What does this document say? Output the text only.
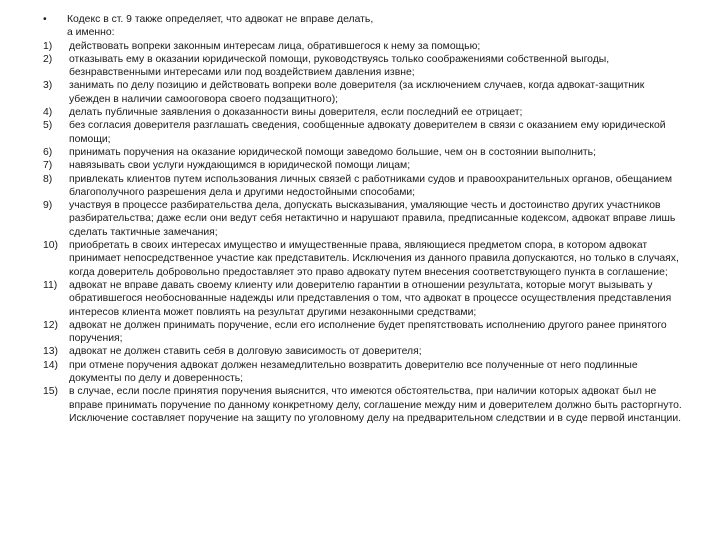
•	Кодекс в ст. 9 также определяет, что адвокат не вправе делать,
а именно:
1) действовать вопреки законным интересам лица, обратившегося к нему за помощью;
2) отказывать ему в оказании юридической помощи, руководствуясь только соображениями собственной выгоды, безнравственными интересами или под воздействием давления извне;
3) занимать по делу позицию и действовать вопреки воле доверителя (за исключением случаев, когда адвокат-защитник убежден в наличии самооговора своего подзащитного);
4) делать публичные заявления о доказанности вины доверителя, если последний ее отрицает;
5) без согласия доверителя разглашать сведения, сообщенные адвокату доверителем в связи с оказанием ему юридической помощи;
6) принимать поручения на оказание юридической помощи заведомо большие, чем он в состоянии выполнить;
7) навязывать свои услуги нуждающимся в юридической помощи лицам;
8) привлекать клиентов путем использования личных связей с работниками судов и правоохранительных органов, обещанием благополучного разрешения дела и другими недостойными способами;
9) участвуя в процессе разбирательства дела, допускать высказывания, умаляющие честь и достоинство других участников разбирательства; даже если они ведут себя нетактично и нарушают правила, предписанные кодексом, адвокат вправе лишь сделать тактичные замечания;
10) приобретать в своих интересах имущество и имущественные права, являющиеся предметом спора, в котором адвокат принимает непосредственное участие как представитель. Исключения из данного правила допускаются, но только в случаях, когда доверитель добровольно предоставляет это право адвокату путем внесения соответствующего пункта в соглашение;
11) адвокат не вправе давать своему клиенту или доверителю гарантии в отношении результата, которые могут вызывать у обратившегося необоснованные надежды или представления о том, что адвокат в процессе осуществления представления интересов клиента может повлиять на результат другими незаконными средствами;
12) адвокат не должен принимать поручение, если его исполнение будет препятствовать исполнению другого ранее принятого поручения;
13) адвокат не должен ставить себя в долговую зависимость от доверителя;
14) при отмене поручения адвокат должен незамедлительно возвратить доверителю все полученные от него подлинные документы по делу и доверенность;
15) в случае, если после принятия поручения выяснится, что имеются обстоятельства, при наличии которых адвокат был не вправе принимать поручение по данному конкретному делу, соглашение между ним и доверителем должно быть расторгнуто. Исключение составляет поручение на защиту по уголовному делу на предварительном следствии и в суде первой инстанции.
